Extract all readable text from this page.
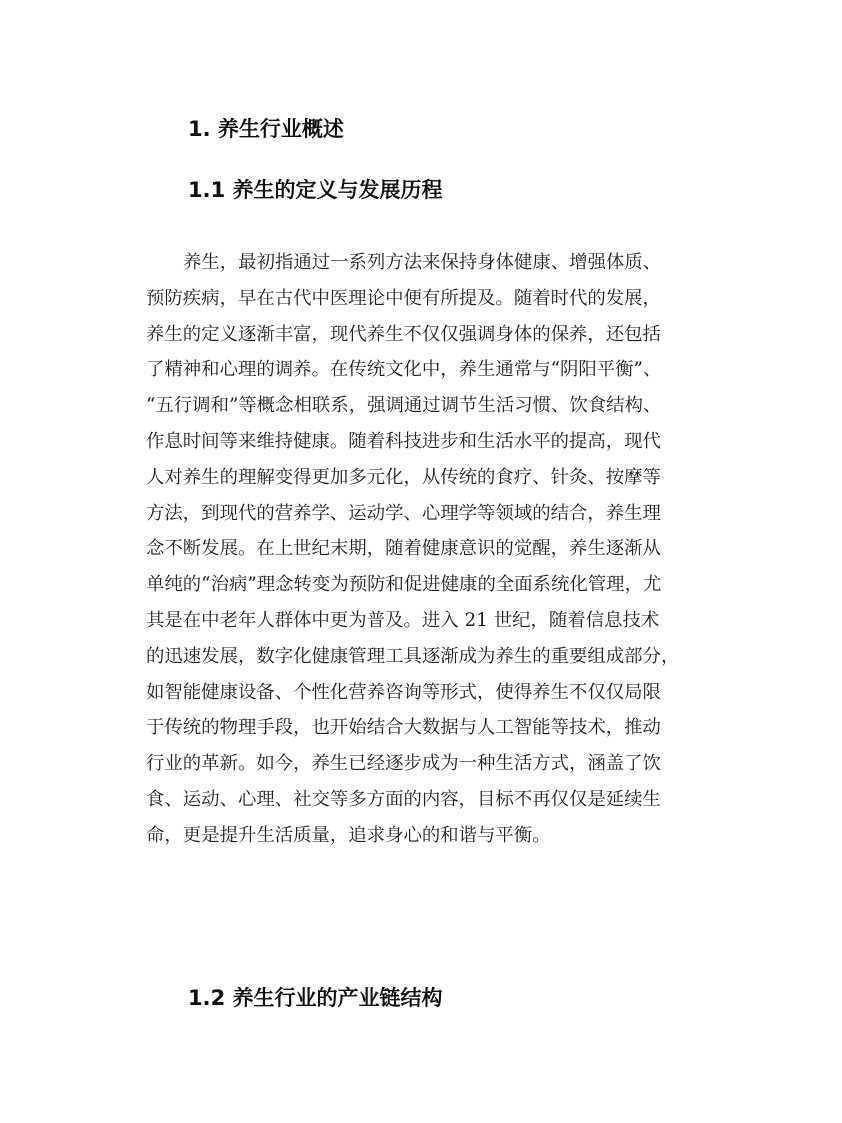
1. 养生行业概述
1.1 养生的定义与发展历程
养生，最初指通过一系列方法来保持身体健康、增强体质、
预防疾病，早在古代中医理论中便有所提及。随着时代的发展，
养生的定义逐渐丰富，现代养生不仅仅强调身体的保养，还包括
了精神和心理的调养。在传统文化中，养生通常与“阴阳平衡”、
“五行调和”等概念相联系，强调通过调节生活习惯、饮食结构、
作息时间等来维持健康。随着科技进步和生活水平的提高，现代
人对养生的理解变得更加多元化，从传统的食疗、针灸、按摩等
方法，到现代的营养学、运动学、心理学等领域的结合，养生理
念不断发展。在上世纪末期，随着健康意识的觉醒，养生逐渐从
单纯的“治病”理念转变为预防和促进健康的全面系统化管理，尤
其是在中老年人群体中更为普及。进入 21 世纪，随着信息技术
的迅速发展，数字化健康管理工具逐渐成为养生的重要组成部分，
如智能健康设备、个性化营养咨询等形式，使得养生不仅仅局限
于传统的物理手段，也开始结合大数据与人工智能等技术，推动
行业的革新。如今，养生已经逐步成为一种生活方式，涵盖了饮
食、运动、心理、社交等多方面的内容，目标不再仅仅是延续生
命，更是提升生活质量，追求身心的和谐与平衡。
1.2 养生行业的产业链结构
